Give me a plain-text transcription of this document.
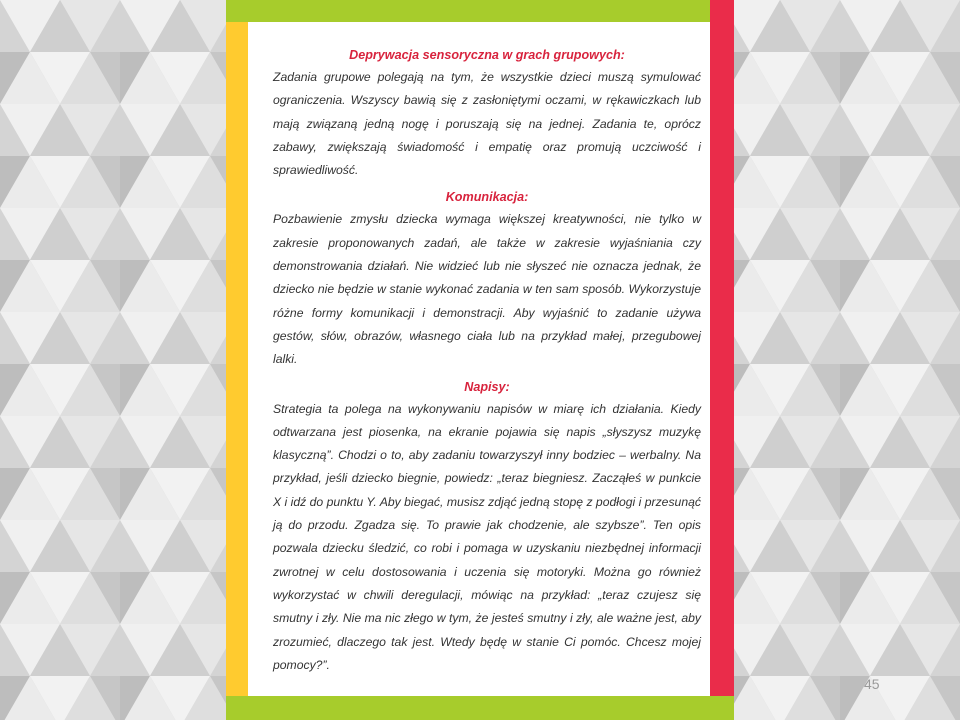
Deprywacja sensoryczna w grach grupowych:

Zadania grupowe polegają na tym, że wszystkie dzieci muszą symulować ograniczenia. Wszyscy bawią się z zasłoniętymi oczami, w rękawiczkach lub mają związaną jedną nogę i poruszają się na jednej. Zadania te, oprócz zabawy, zwiększają świadomość i empatię oraz promują uczciwość i sprawiedliwość.

Komunikacja:

Pozbawienie zmysłu dziecka wymaga większej kreatywności, nie tylko w zakresie proponowanych zadań, ale także w zakresie wyjaśniania czy demonstrowania działań. Nie widzieć lub nie słyszeć nie oznacza jednak, że dziecko nie będzie w stanie wykonać zadania w ten sam sposób. Wykorzystuje różne formy komunikacji i demonstracji. Aby wyjaśnić to zadanie używa gestów, słów, obrazów, własnego ciała lub na przykład małej, przegubowej lalki.

Napisy:

Strategia ta polega na wykonywaniu napisów w miarę ich działania. Kiedy odtwarzana jest piosenka, na ekranie pojawia się napis „słyszysz muzykę klasyczną”. Chodzi o to, aby zadaniu towarzyszył inny bodziec – werbalny. Na przykład, jeśli dziecko biegnie, powiedz: „teraz biegniesz. Zacząłeś w punkcie X i idź do punktu Y. Aby biegać, musisz zdjąć jedną stopę z podłogi i przesunąć ją do przodu. Zgadza się. To prawie jak chodzenie, ale szybsze”. Ten opis pozwala dziecku śledzić, co robi i pomaga w uzyskaniu niezbędnej informacji zwrotnej w celu dostosowania i uczenia się motoryki. Można go również wykorzystać w chwili deregulacji, mówiąc na przykład: „teraz czujesz się smutny i zły. Nie ma nic złego w tym, że jesteś smutny i zły, ale ważne jest, aby zrozumieć, dlaczego tak jest. Wtedy będę w stanie Ci pomóc. Chcesz mojej pomocy?”.

45
